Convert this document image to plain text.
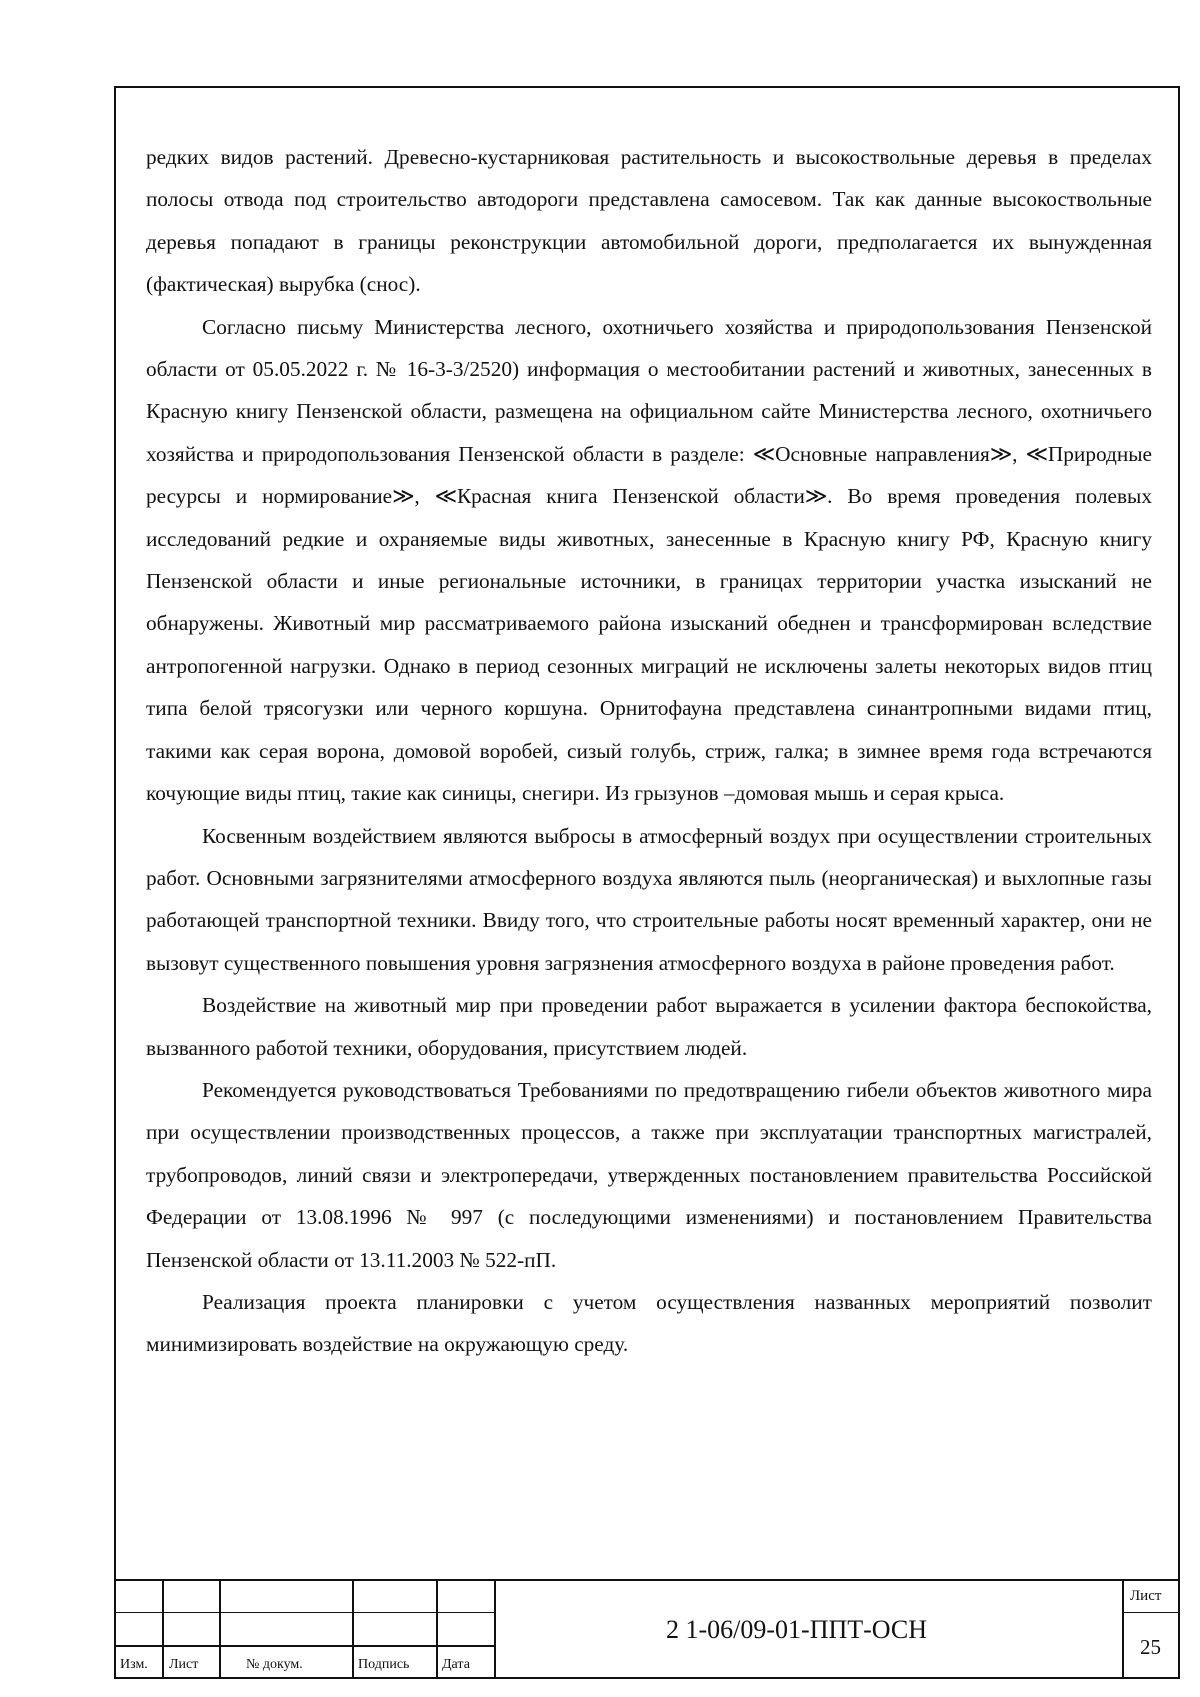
редких видов растений. Древесно-кустарниковая растительность и высокоствольные деревья в пределах полосы отвода под строительство автодороги представлена самосевом. Так как данные высокоствольные деревья попадают в границы реконструкции автомобильной дороги, предполагается их вынужденная (фактическая) вырубка (снос).

Согласно письму Министерства лесного, охотничьего хозяйства и природопользования Пензенской области от 05.05.2022 г. № 16-3-3/2520) информация о местообитании растений и животных, занесенных в Красную книгу Пензенской области, размещена на официальном сайте Министерства лесного, охотничьего хозяйства и природопользования Пензенской области в разделе: ≪Основные направления≫, ≪Природные ресурсы и нормирование≫, ≪Красная книга Пензенской области≫. Во время проведения полевых исследований редкие и охраняемые виды животных, занесенные в Красную книгу РФ, Красную книгу Пензенской области и иные региональные источники, в границах территории участка изысканий не обнаружены. Животный мир рассматриваемого района изысканий обеднен и трансформирован вследствие антропогенной нагрузки. Однако в период сезонных миграций не исключены залеты некоторых видов птиц типа белой трясогузки или черного коршуна. Орнитофауна представлена синантропными видами птиц, такими как серая ворона, домовой воробей, сизый голубь, стриж, галка; в зимнее время года встречаются кочующие виды птиц, такие как синицы, снегири. Из грызунов –домовая мышь и серая крыса.

Косвенным воздействием являются выбросы в атмосферный воздух при осуществлении строительных работ. Основными загрязнителями атмосферного воздуха являются пыль (неорганическая) и выхлопные газы работающей транспортной техники. Ввиду того, что строительные работы носят временный характер, они не вызовут существенного повышения уровня загрязнения атмосферного воздуха в районе проведения работ.

Воздействие на животный мир при проведении работ выражается в усилении фактора беспокойства, вызванного работой техники, оборудования, присутствием людей.

Рекомендуется руководствоваться Требованиями по предотвращению гибели объектов животного мира при осуществлении производственных процессов, а также при эксплуатации транспортных магистралей, трубопроводов, линий связи и электропередачи, утвержденных постановлением правительства Российской Федерации от 13.08.1996 № 997 (с последующими изменениями) и постановлением Правительства Пензенской области от 13.11.2003 № 522-пП.

Реализация проекта планировки с учетом осуществления названных мероприятий позволит минимизировать воздействие на окружающую среду.

Изм. Лист	№ докум.	Подпись Дата
2 1-06/09-01-ППТ-ОСН
Лист
25
